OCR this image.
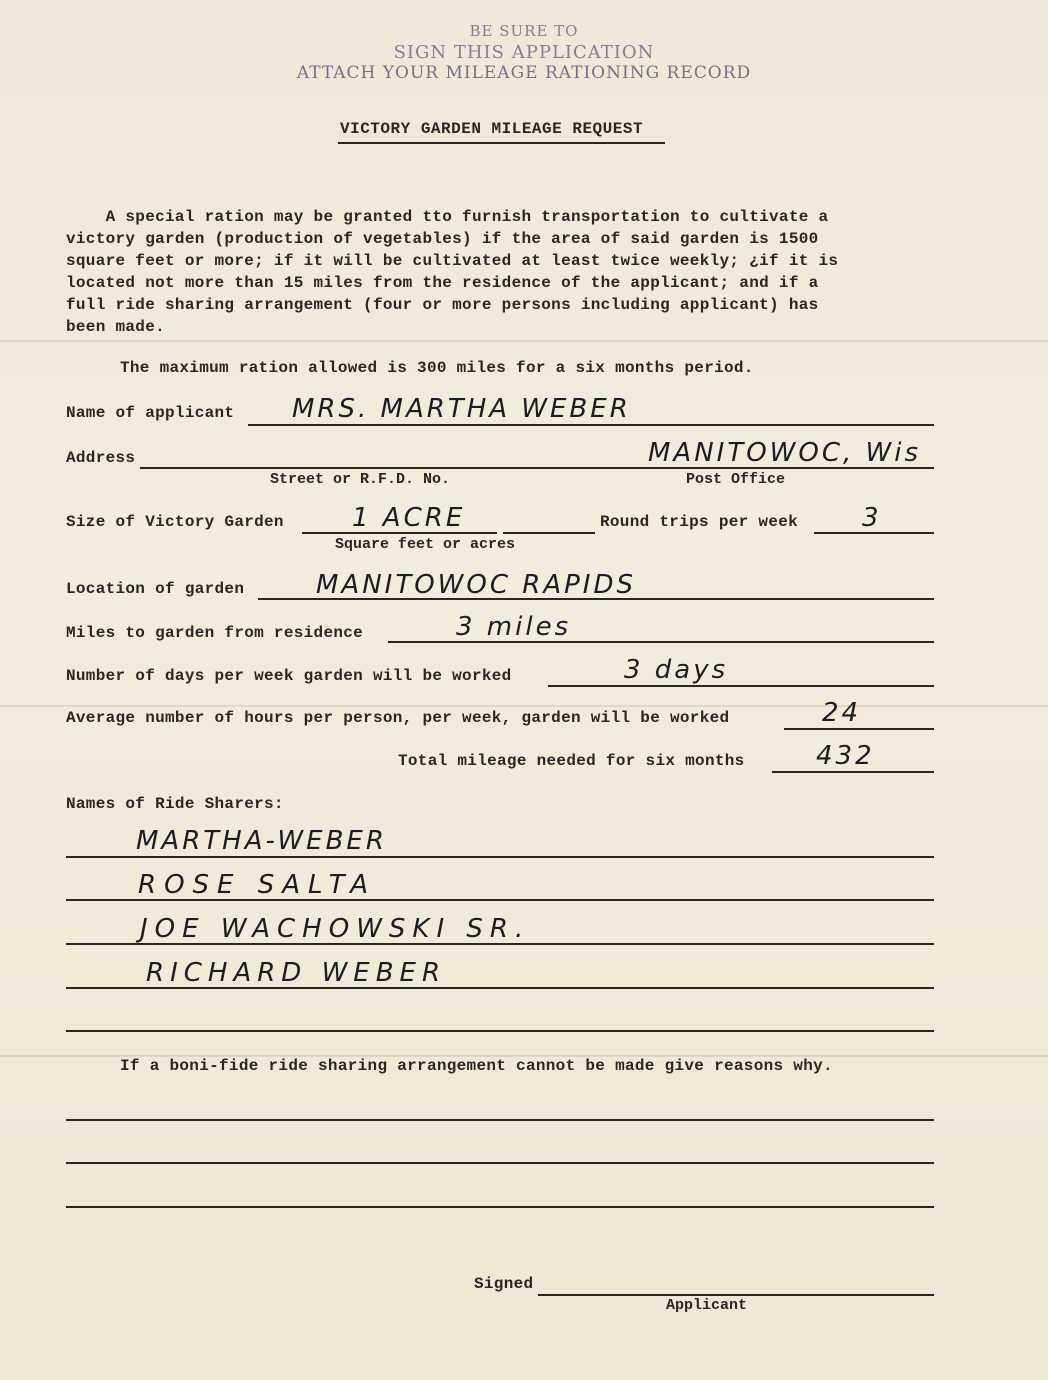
BE SURE TO
SIGN THIS APPLICATION
ATTACH YOUR MILEAGE RATIONING RECORD
VICTORY GARDEN MILEAGE REQUEST
A special ration may be granted tto furnish transportation to cultivate a
victory garden (production of vegetables) if the area of said garden is 1500
square feet or more; if it will be cultivated at least twice weekly; ¿if it is
located not more than 15 miles from the residence of the applicant; and if a
full ride sharing arrangement (four or more persons including applicant) has
been made.
The maximum ration allowed is 300 miles for a six months period.
Name of applicant MRS. MARTHA WEBER
Address	MANITOWOC, Wis
Street or R.F.D. No.	Post Office
Size of Victory Garden	1 ACRE
Square feet or acres
Round trips per week 3
Location of garden	MANITOWOC RAPIDS
Miles to garden from residence	3 miles
Number of days per week garden will be worked	3 days
Average number of hours per person, per week, garden will be worked	24
Total mileage needed for six months	432
Names of Ride Sharers:
MARTHA-WEBER
ROSE SALTA
JOE WACHOWSKI SR.
RICHARD WEBER
If a boni-fide ride sharing arrangement cannot be made give reasons why.
Signed
Applicant
